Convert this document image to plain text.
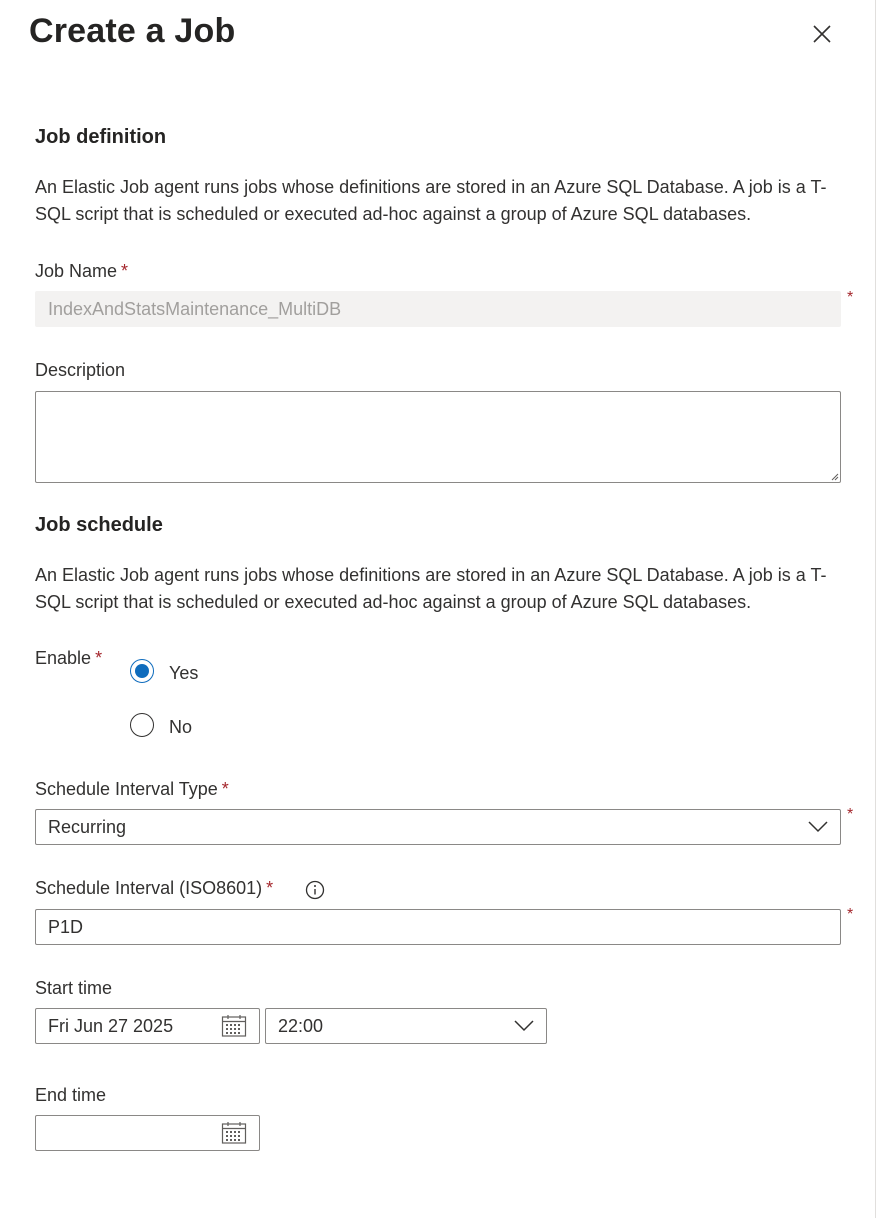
Create a Job
Job definition
An Elastic Job agent runs jobs whose definitions are stored in an Azure SQL Database. A job is a T-SQL script that is scheduled or executed ad-hoc against a group of Azure SQL databases.
Job Name *
IndexAndStatsMaintenance_MultiDB
*
Description
Job schedule
An Elastic Job agent runs jobs whose definitions are stored in an Azure SQL Database. A job is a T-SQL script that is scheduled or executed ad-hoc against a group of Azure SQL databases.
Enable *
Yes
No
Schedule Interval Type *
Recurring
*
Schedule Interval (ISO8601) *
P1D
*
Start time
Fri Jun 27 2025	22:00
End time
